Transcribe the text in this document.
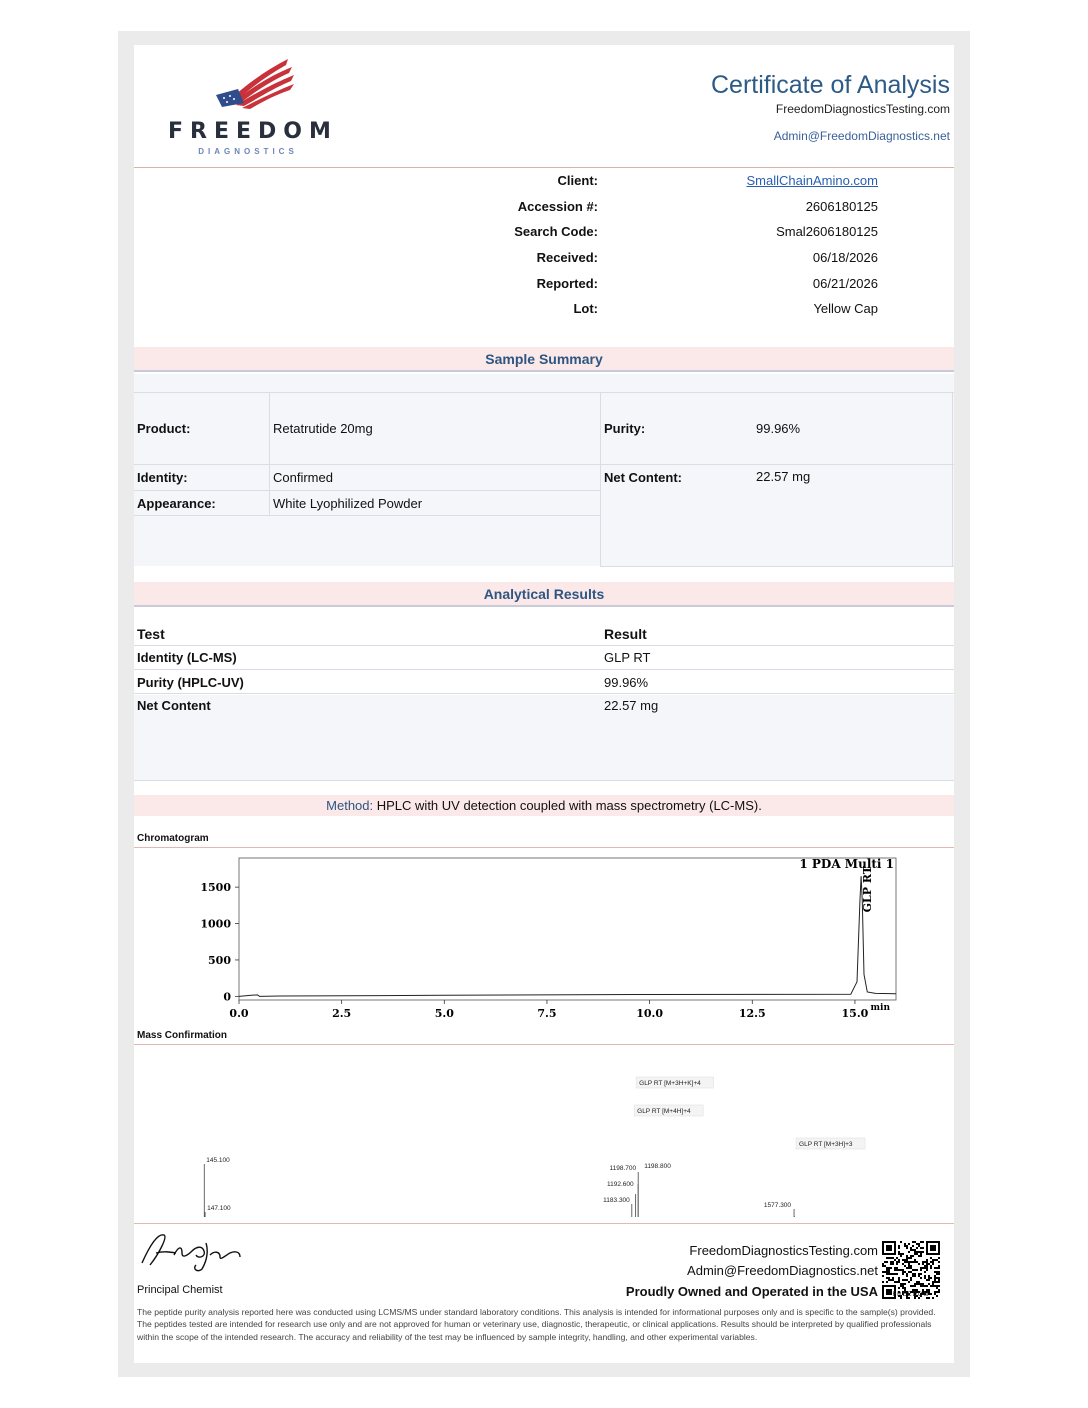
FREEDOM
DIAGNOSTICS
Certificate of Analysis
FreedomDiagnosticsTesting.com
Admin@FreedomDiagnostics.net
Client:	SmallChainAmino.com
Accession #:	2606180125
Search Code:	Smal2606180125
Received:	06/18/2026
Reported:	06/21/2026
Lot:	Yellow Cap
Sample Summary
Product:	Retatrutide 20mg	Purity:	99.96%
Identity:	Confirmed	Net Content:	22.57 mg
Appearance:	White Lyophilized Powder
Analytical Results
Test	Result
Identity (LC-MS)	GLP RT
Purity (HPLC-UV)	99.96%
Net Content	22.57 mg
Method: HPLC with UV detection coupled with mass spectrometry (LC-MS).
Chromatogram
1 PDA Multi 1
0
500
1000
1500
0.0	2.5	5.0	7.5	10.0	12.5	15.0 min
GLP RT
Mass Confirmation
145.100
147.100
1183.300
1192.600
1198.700 1198.800
1577.300
GLP RT [M+3H+K]+4
GLP RT [M+4H]+4
GLP RT [M+3H]+3
Principal Chemist
FreedomDiagnosticsTesting.com
Admin@FreedomDiagnostics.net
Proudly Owned and Operated in the USA	FREEDOM
The peptide purity analysis reported here was conducted using LCMS/MS under standard laboratory conditions. This analysis is intended for informational purposes only and is specific to the sample(s) provided. The peptides tested are intended for research use only and are not approved for human or veterinary use, diagnostic, therapeutic, or clinical applications. Results should be interpreted by qualified professionals within the scope of the intended research. The accuracy and reliability of the test may be influenced by sample integrity, handling, and other experimental variables.
